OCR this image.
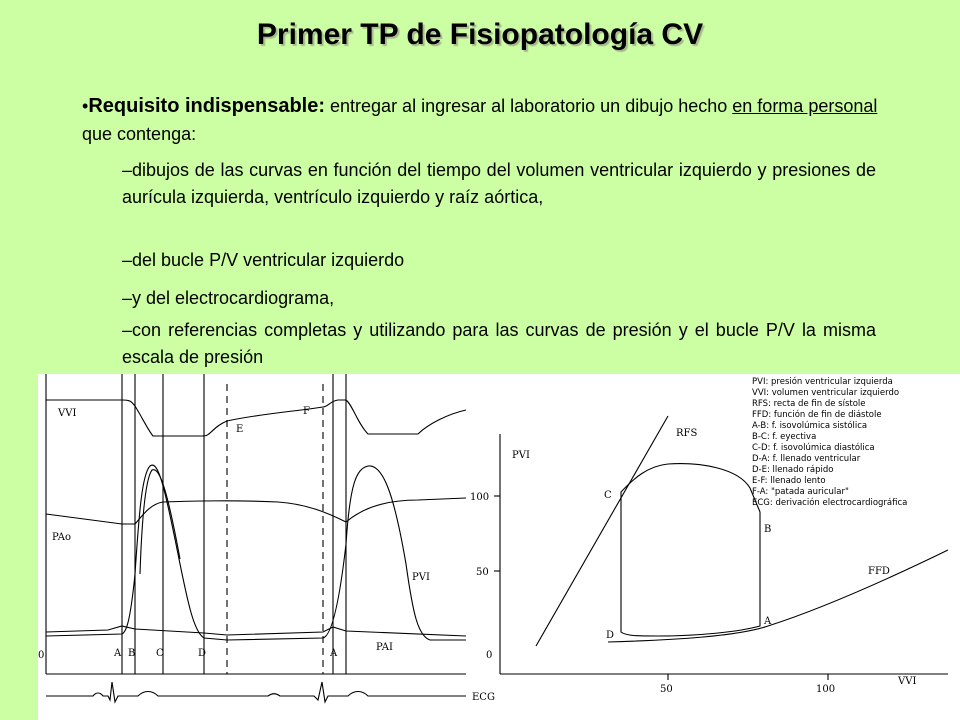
Primer TP de Fisiopatología CV
•Requisito indispensable: entregar al ingresar al laboratorio un dibujo hecho en forma personal que contenga:
–dibujos de las curvas en función del tiempo del volumen ventricular izquierdo y presiones de aurícula izquierda, ventrículo izquierdo y raíz aórtica,
–del bucle P/V ventricular izquierdo
–y del electrocardiograma,
–con referencias completas y utilizando para las curvas de presión y el bucle P/V la misma escala de presión
VVI
E
F
PAo
PVI
PAI
0	A B C	D	A
ECG
PVI
RFS
FFD
C
B
A
D
100
50
0
50	100
VVI
PVI: presión ventricular izquierda
VVI: volumen ventricular izquierdo
RFS: recta de fin de sístole
FFD: función de fin de diástole
A-B: f. isovolúmica sistólica
B-C: f. eyectiva
C-D: f. isovolúmica diastólica
D-A: f. llenado ventricular
D-E: llenado rápido
E-F: llenado lento
F-A: "patada auricular"
ECG: derivación electrocardiográfica
